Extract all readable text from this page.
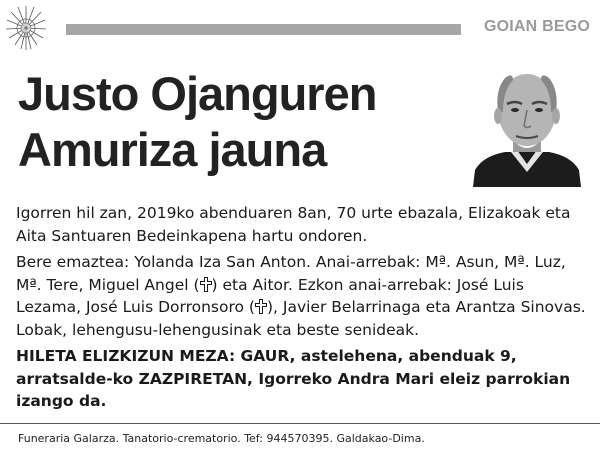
GOIAN BEGO
Justo Ojanguren
Amuriza jauna

Igorren hil zan, 2019ko abenduaren 8an, 70 urte ebazala, Elizakoak eta Aita Santuaren Bedeinkapena hartu ondoren.

Bere emaztea: Yolanda Iza San Anton. Anai-arrebak: Mª. Asun, Mª. Luz, Mª. Tere, Miguel Angel ( ) eta Aitor. Ezkon anai-arrebak: José Luis Lezama, José Luis Dorronsoro ( ), Javier Belarrinaga eta Arantza Sinovas. Lobak, lehengusu-lehengusinak eta beste senideak.

HILETA ELIZKIZUN MEZA: GAUR, astelehena, abenduak 9, arratsalde-ko ZAZPIRETAN, Igorreko Andra Mari eleiz parrokian izango da.

Funeraria Galarza. Tanatorio-crematorio. Tef: 944570395. Galdakao-Dima.
